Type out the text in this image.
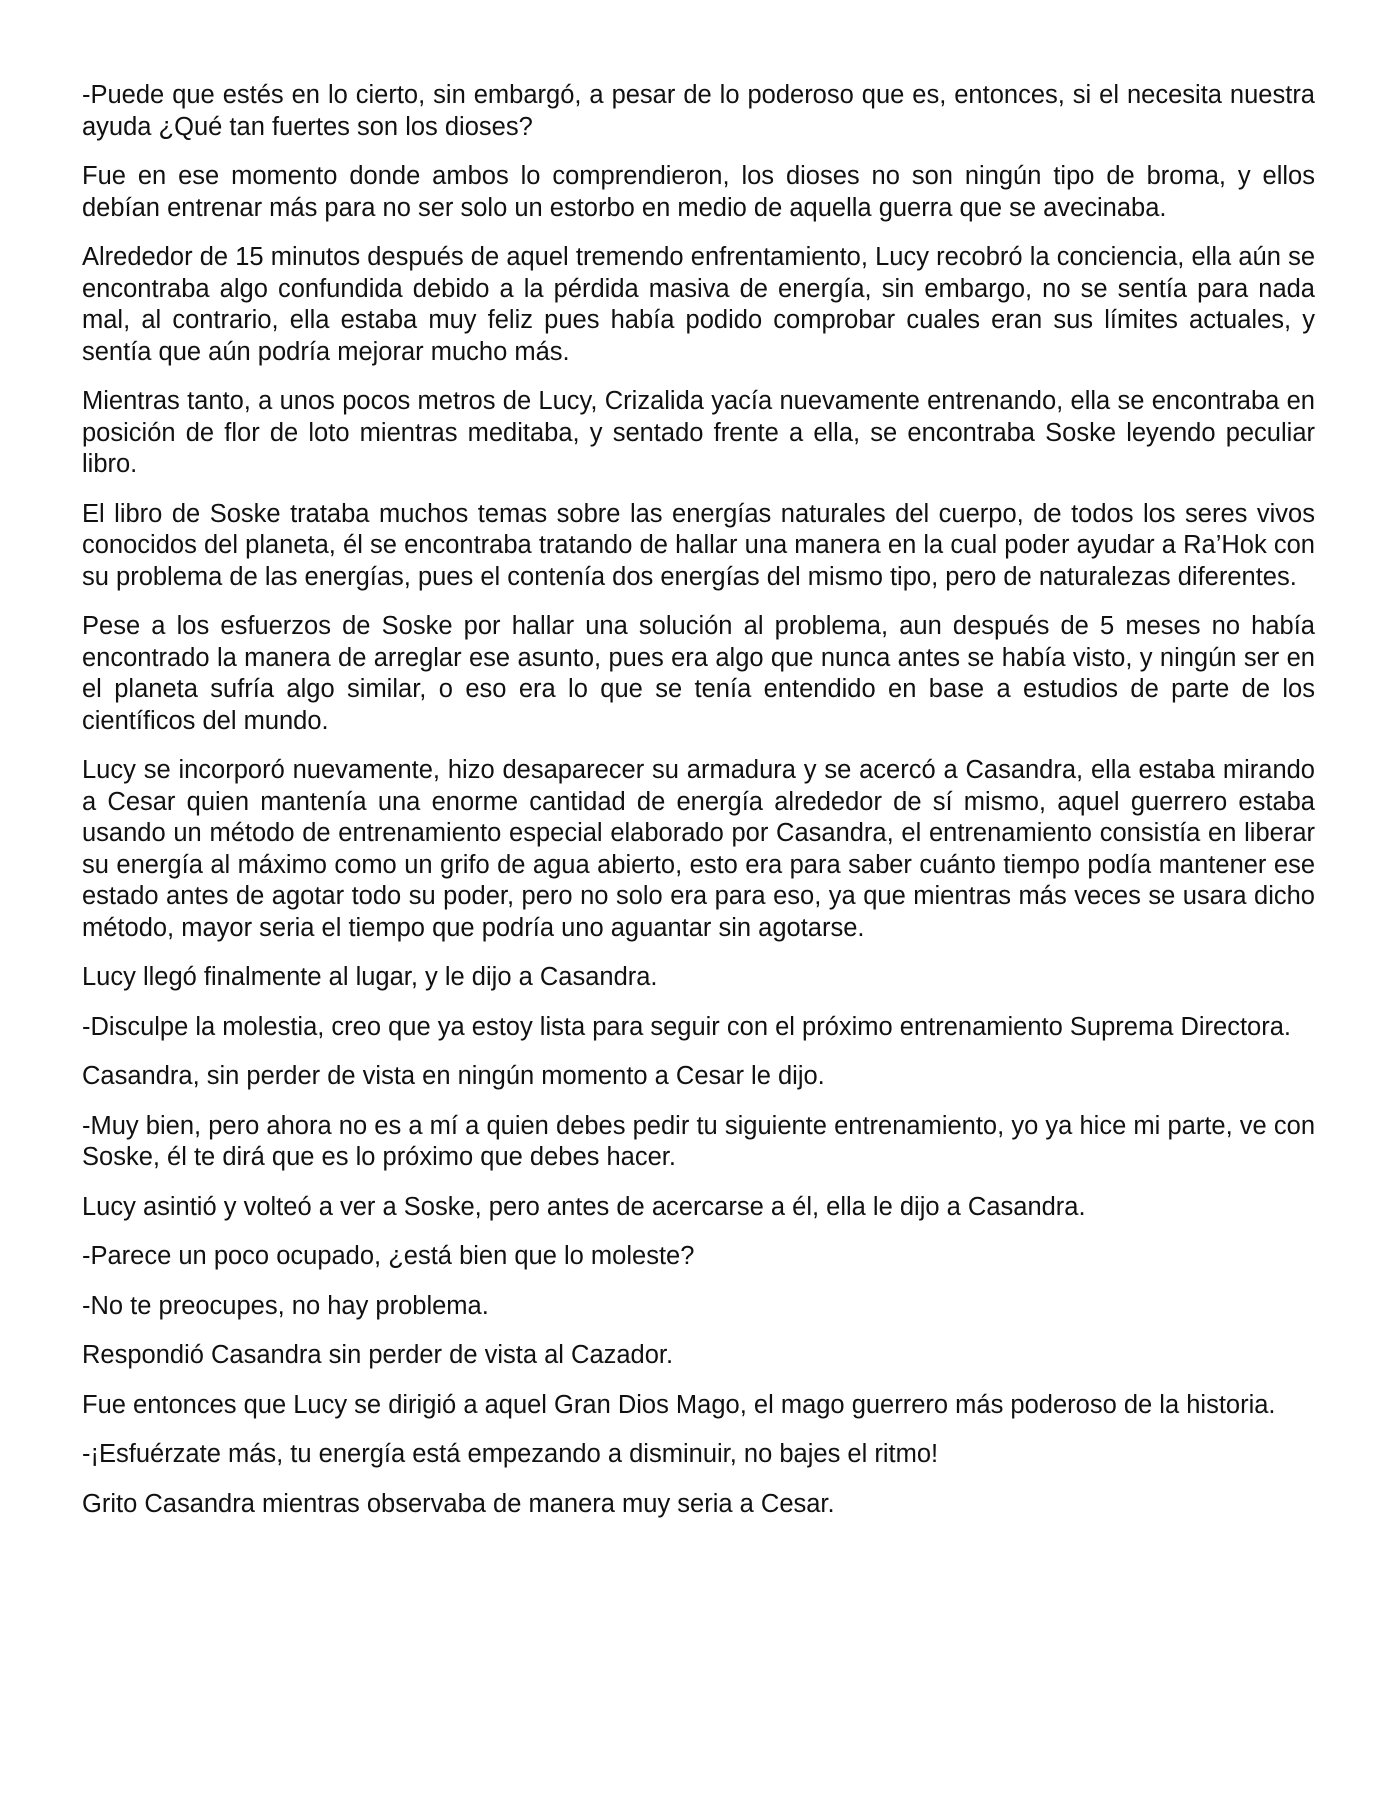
-Puede que estés en lo cierto, sin embargó, a pesar de lo poderoso que es, entonces, si el necesita nuestra ayuda ¿Qué tan fuertes son los dioses?

Fue en ese momento donde ambos lo comprendieron, los dioses no son ningún tipo de broma, y ellos debían entrenar más para no ser solo un estorbo en medio de aquella guerra que se avecinaba.

Alrededor de 15 minutos después de aquel tremendo enfrentamiento, Lucy recobró la conciencia, ella aún se encontraba algo confundida debido a la pérdida masiva de energía, sin embargo, no se sentía para nada mal, al contrario, ella estaba muy feliz pues había podido comprobar cuales eran sus límites actuales, y sentía que aún podría mejorar mucho más.

Mientras tanto, a unos pocos metros de Lucy, Crizalida yacía nuevamente entrenando, ella se encontraba en posición de flor de loto mientras meditaba, y sentado frente a ella, se encontraba Soske leyendo peculiar libro.

El libro de Soske trataba muchos temas sobre las energías naturales del cuerpo, de todos los seres vivos conocidos del planeta, él se encontraba tratando de hallar una manera en la cual poder ayudar a Ra’Hok con su problema de las energías, pues el contenía dos energías del mismo tipo, pero de naturalezas diferentes.

Pese a los esfuerzos de Soske por hallar una solución al problema, aun después de 5 meses no había encontrado la manera de arreglar ese asunto, pues era algo que nunca antes se había visto, y ningún ser en el planeta sufría algo similar, o eso era lo que se tenía entendido en base a estudios de parte de los científicos del mundo.

Lucy se incorporó nuevamente, hizo desaparecer su armadura y se acercó a Casandra, ella estaba mirando a Cesar quien mantenía una enorme cantidad de energía alrededor de sí mismo, aquel guerrero estaba usando un método de entrenamiento especial elaborado por Casandra, el entrenamiento consistía en liberar su energía al máximo como un grifo de agua abierto, esto era para saber cuánto tiempo podía mantener ese estado antes de agotar todo su poder, pero no solo era para eso, ya que mientras más veces se usara dicho método, mayor seria el tiempo que podría uno aguantar sin agotarse.

Lucy llegó finalmente al lugar, y le dijo a Casandra.

-Disculpe la molestia, creo que ya estoy lista para seguir con el próximo entrenamiento Suprema Directora.

Casandra, sin perder de vista en ningún momento a Cesar le dijo.

-Muy bien, pero ahora no es a mí a quien debes pedir tu siguiente entrenamiento, yo ya hice mi parte, ve con Soske, él te dirá que es lo próximo que debes hacer.

Lucy asintió y volteó a ver a Soske, pero antes de acercarse a él, ella le dijo a Casandra.

-Parece un poco ocupado, ¿está bien que lo moleste?

-No te preocupes, no hay problema.

Respondió Casandra sin perder de vista al Cazador.

Fue entonces que Lucy se dirigió a aquel Gran Dios Mago, el mago guerrero más poderoso de la historia.

-¡Esfuérzate más, tu energía está empezando a disminuir, no bajes el ritmo!

Grito Casandra mientras observaba de manera muy seria a Cesar.
